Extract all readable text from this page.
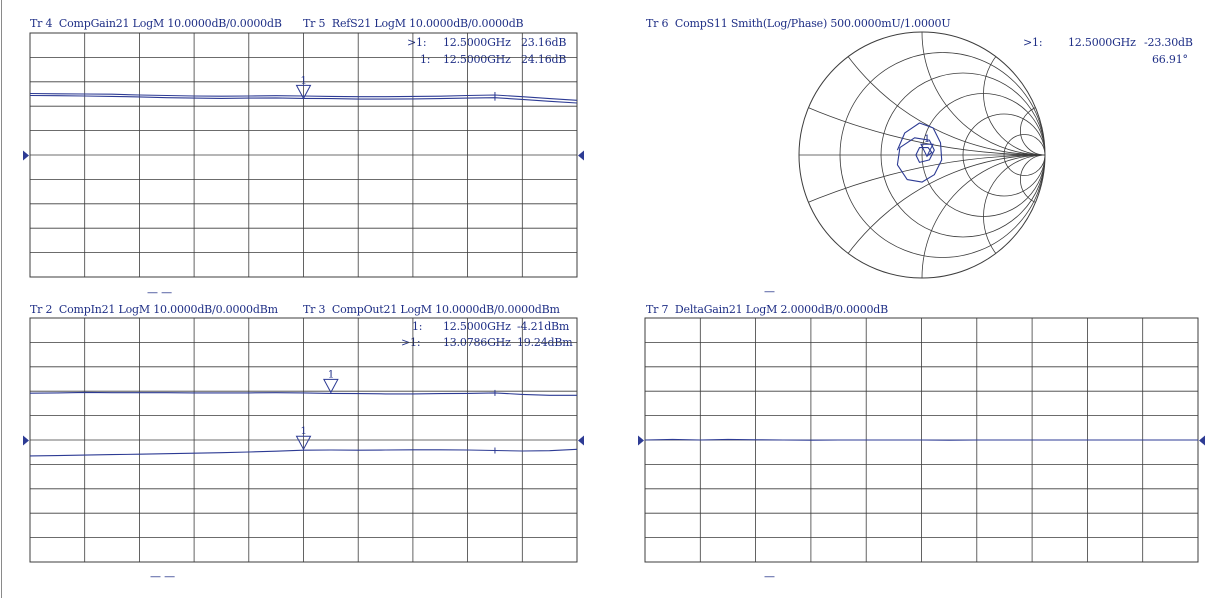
Tr 4  CompGain21 LogM 10.0000dB/0.0000dB Tr 5  RefS21 LogM 10.0000dB/0.0000dB
>1: 12.5000GHz 23.16dB
1: 12.5000GHz 24.16dB
— —
Tr 6  CompS11 Smith(Log/Phase) 500.0000mU/1.0000U
>1: 12.5000GHz -23.30dB
66.91°
—
Tr 2  CompIn21 LogM 10.0000dB/0.0000dBm Tr 3  CompOut21 LogM 10.0000dB/0.0000dBm
1: 12.5000GHz -4.21dBm
>1: 13.0786GHz 19.24dBm
— —
Tr 7  DeltaGain21 LogM 2.0000dB/0.0000dB
—
1
1
1
1
